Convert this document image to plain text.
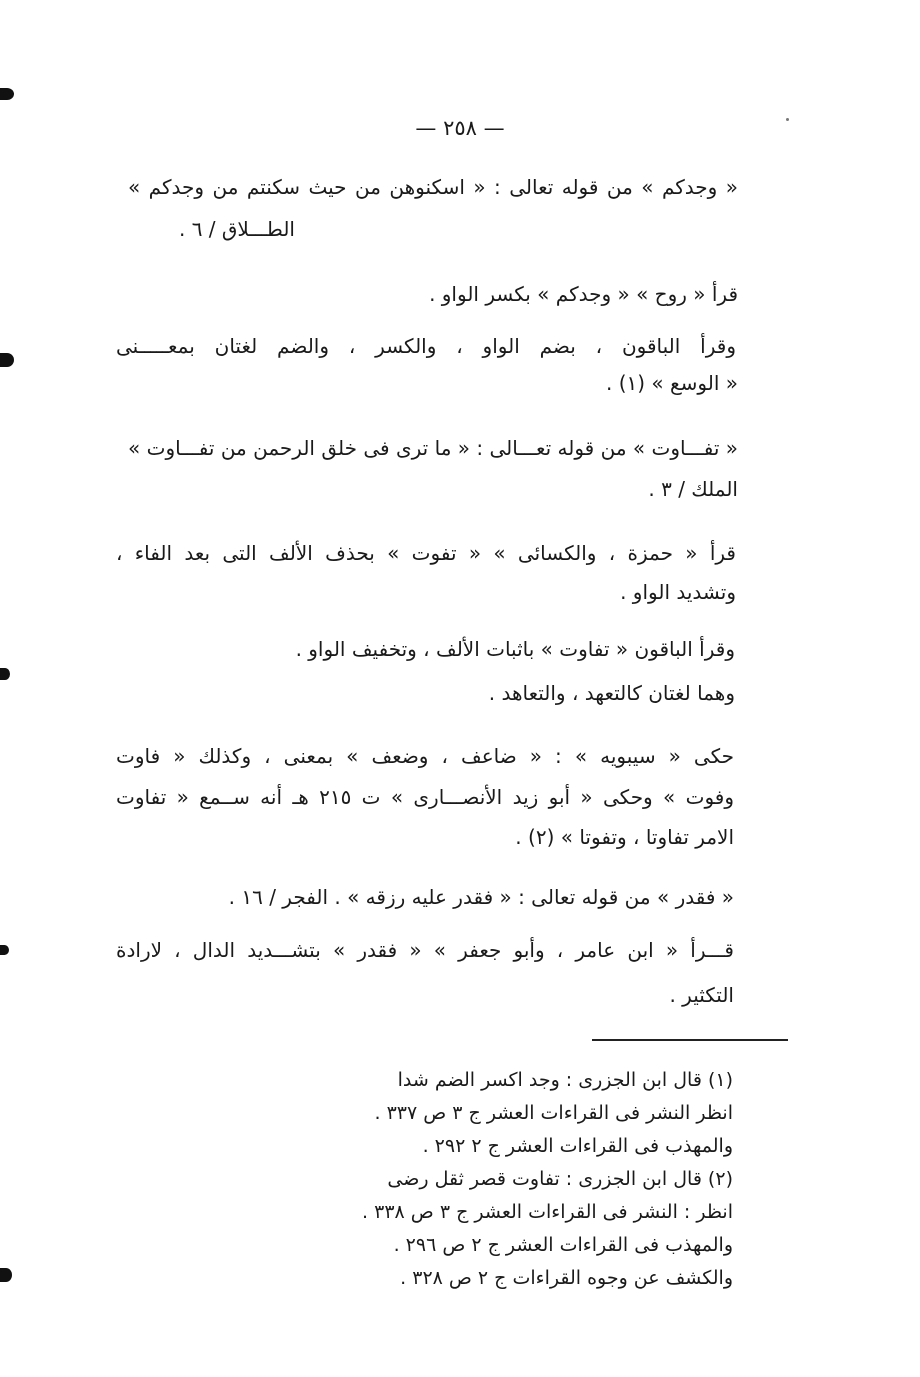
— ٢٥٨ —
« وجدكم » من قوله تعالى : « اسكنوهن من حيث سكنتم من وجدكم »
الطـــلاق / ٦ .
قرأ « روح » « وجدكم » بكسر الواو .
وقرأ الباقون ، بضم الواو ، والكسر ، والضم لغتان بمعـــــنى
« الوسع » (١) .
« تفـــاوت » من قوله تعـــالى : « ما ترى فى خلق الرحمن من تفـــاوت »
الملك / ٣ .
قرأ « حمزة ، والكسائى » « تفوت » بحذف الألف التى بعد الفاء ،
وتشديد الواو .
وقرأ الباقون « تفاوت » باثبات الألف ، وتخفيف الواو .
وهما لغتان كالتعهد ، والتعاهد .
حكى « سيبويه » : « ضاعف ، وضعف » بمعنى ، وكذلك « فاوت
وفوت » وحكى « أبو زيد الأنصـــارى » ت ٢١٥ هـ أنه ســمع « تفاوت
الامر تفاوتا ، وتفوتا » (٢) .
« فقدر » من قوله تعالى : « فقدر عليه رزقه » . الفجر / ١٦ .
قـــرأ « ابن عامر ، وأبو جعفر » « فقدر » بتشـــديد الدال ، لارادة
التكثير .
(١) قال ابن الجزرى : وجد اكسر الضم شدا
انظر النشر فى القراءات العشر ج ٣ ص ٣٣٧ .
والمهذب فى القراءات العشر ج ٢ ٢٩٢ .
(٢) قال ابن الجزرى : تفاوت قصر ثقل رضى
انظر : النشر فى القراءات العشر ج ٣ ص ٣٣٨ .
والمهذب فى القراءات العشر ج ٢ ص ٢٩٦ .
والكشف عن وجوه القراءات ج ٢ ص ٣٢٨ .
